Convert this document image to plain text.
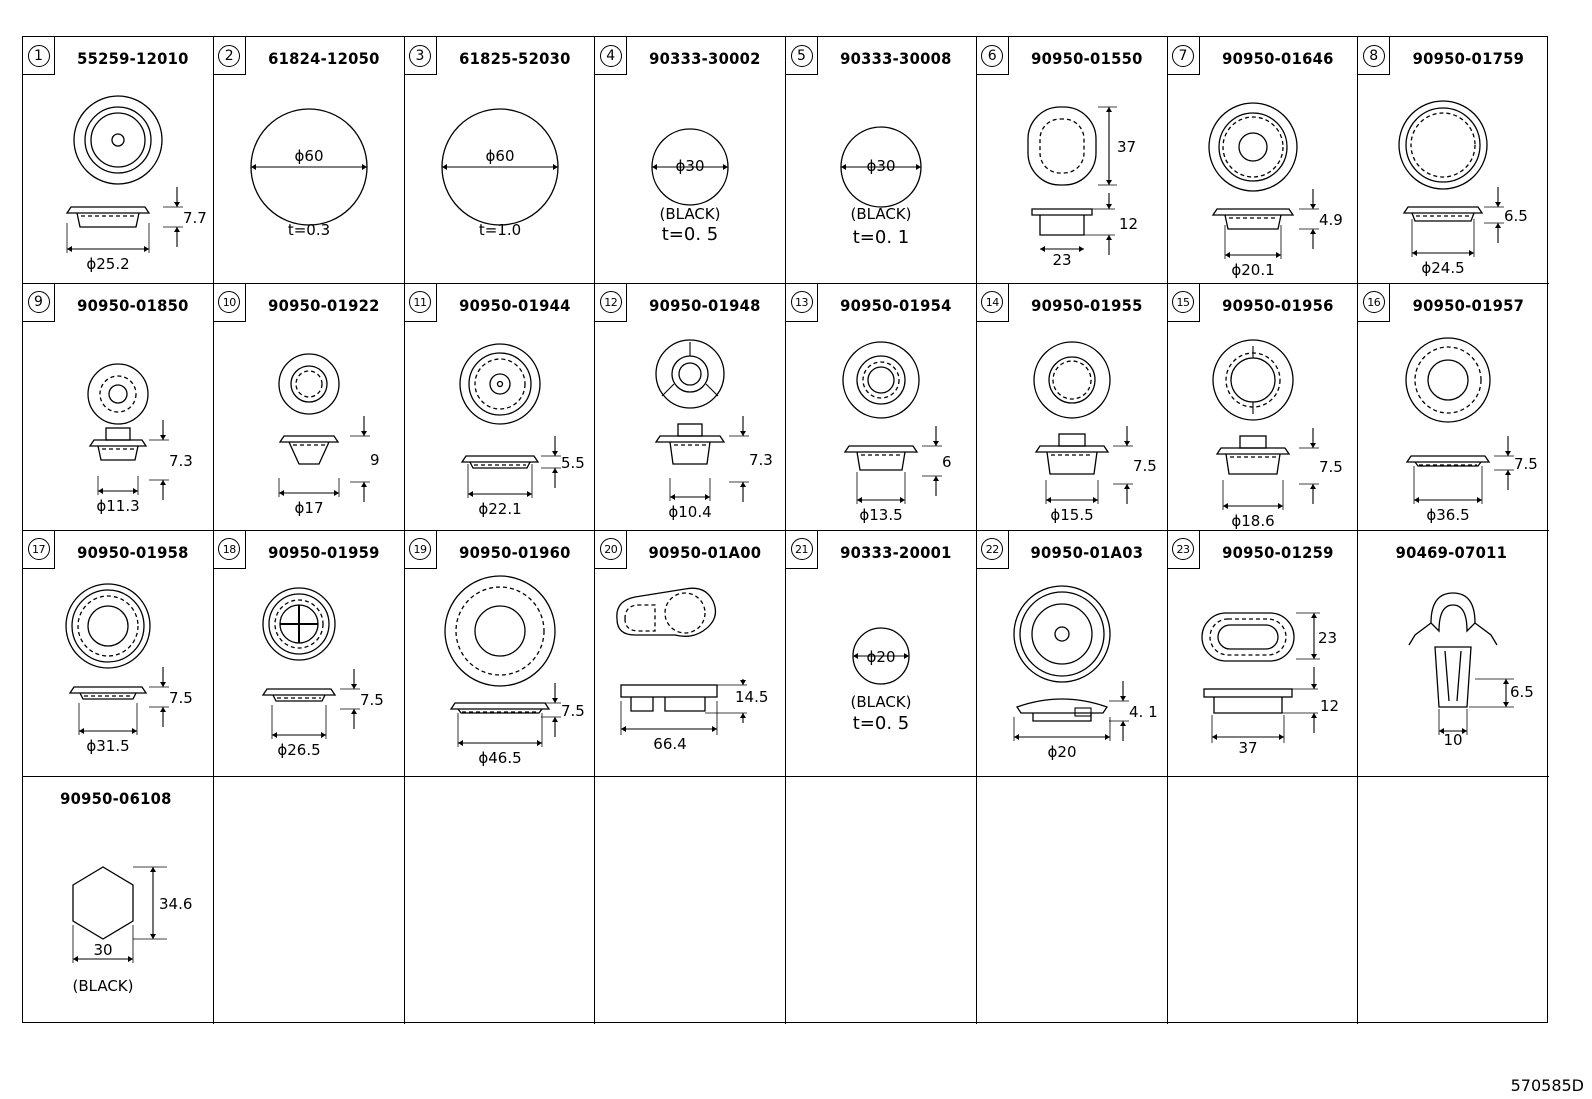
1	55259-12010
7.7
ϕ25.2
2	61824-12050
ϕ60
t=0.3
3	61825-52030
ϕ60
t=1.0
4	90333-30002
ϕ30
(BLACK)
t=0. 5
5	90333-30008
ϕ30
(BLACK)
t=0. 1
6	90950-01550
37
12
23
7	90950-01646
4.9
ϕ20.1
8	90950-01759
6.5
ϕ24.5
9	90950-01850
7.3
ϕ11.3
10	90950-01922
9
ϕ17
11	90950-01944
5.5
ϕ22.1
12	90950-01948
7.3
ϕ10.4
13	90950-01954
6
ϕ13.5
14	90950-01955
7.5
ϕ15.5
15	90950-01956
7.5
ϕ18.6
16	90950-01957
7.5
ϕ36.5
17	90950-01958
7.5
ϕ31.5
18	90950-01959
7.5
ϕ26.5
19	90950-01960
7.5
ϕ46.5
20	90950-01A00
14.5
66.4
21	90333-20001
ϕ20
(BLACK)
t=0. 5
22	90950-01A03
4. 1
ϕ20
23	90950-01259
23
12
37
90469-07011
6.5
10
90950-06108
34.6
30
(BLACK)
570585D
